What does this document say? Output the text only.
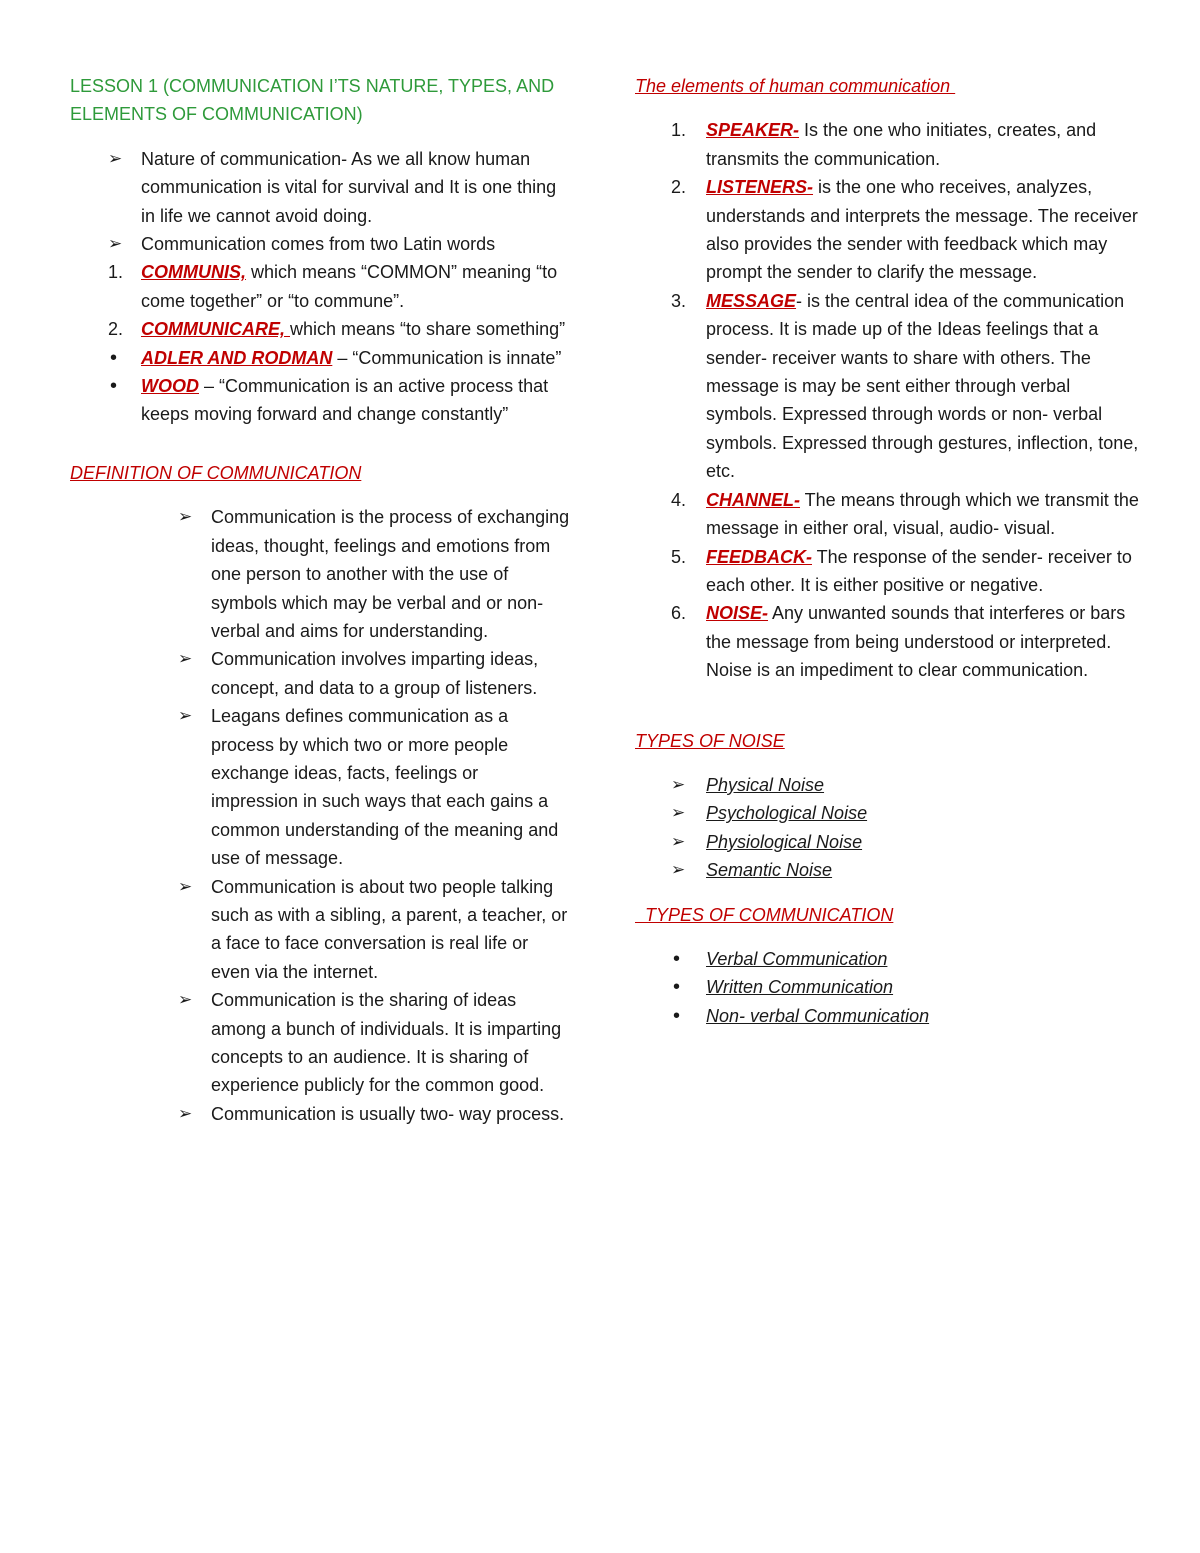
LESSON 1 (COMMUNICATION I’TS NATURE, TYPES, AND
ELEMENTS OF COMMUNICATION)
➢ Nature of communication- As we all know human communication is vital for survival and It is one thing in life we cannot avoid doing.
➢ Communication comes from two Latin words
1. COMMUNIS, which means “COMMON” meaning “to come together” or “to commune”.
2. COMMUNICARE, which means “to share something”
• ADLER AND RODMAN – “Communication is innate”
• WOOD – “Communication is an active process that keeps moving forward and change constantly”
DEFINITION OF COMMUNICATION
➢ Communication is the process of exchanging ideas, thought, feelings and emotions from one person to another with the use of symbols which may be verbal and or non- verbal and aims for understanding.
➢ Communication involves imparting ideas, concept, and data to a group of listeners.
➢ Leagans defines communication as a process by which two or more people exchange ideas, facts, feelings or impression in such ways that each gains a common understanding of the meaning and use of message.
➢ Communication is about two people talking such as with a sibling, a parent, a teacher, or a face to face conversation is real life or even via the internet.
➢ Communication is the sharing of ideas among a bunch of individuals. It is imparting concepts to an audience. It is sharing of experience publicly for the common good.
➢ Communication is usually two- way process.
The elements of human communication
1. SPEAKER- Is the one who initiates, creates, and transmits the communication.
2. LISTENERS- is the one who receives, analyzes, understands and interprets the message. The receiver also provides the sender with feedback which may prompt the sender to clarify the message.
3. MESSAGE- is the central idea of the communication process. It is made up of the Ideas feelings that a sender- receiver wants to share with others. The message is may be sent either through verbal symbols. Expressed through words or non- verbal symbols. Expressed through gestures, inflection, tone, etc.
4. CHANNEL- The means through which we transmit the message in either oral, visual, audio- visual.
5. FEEDBACK- The response of the sender- receiver to each other. It is either positive or negative.
6. NOISE- Any unwanted sounds that interferes or bars the message from being understood or interpreted. Noise is an impediment to clear communication.
TYPES OF NOISE
➢ Physical Noise
➢ Psychological Noise
➢ Physiological Noise
➢ Semantic Noise
TYPES OF COMMUNICATION
• Verbal Communication
• Written Communication
• Non- verbal Communication
